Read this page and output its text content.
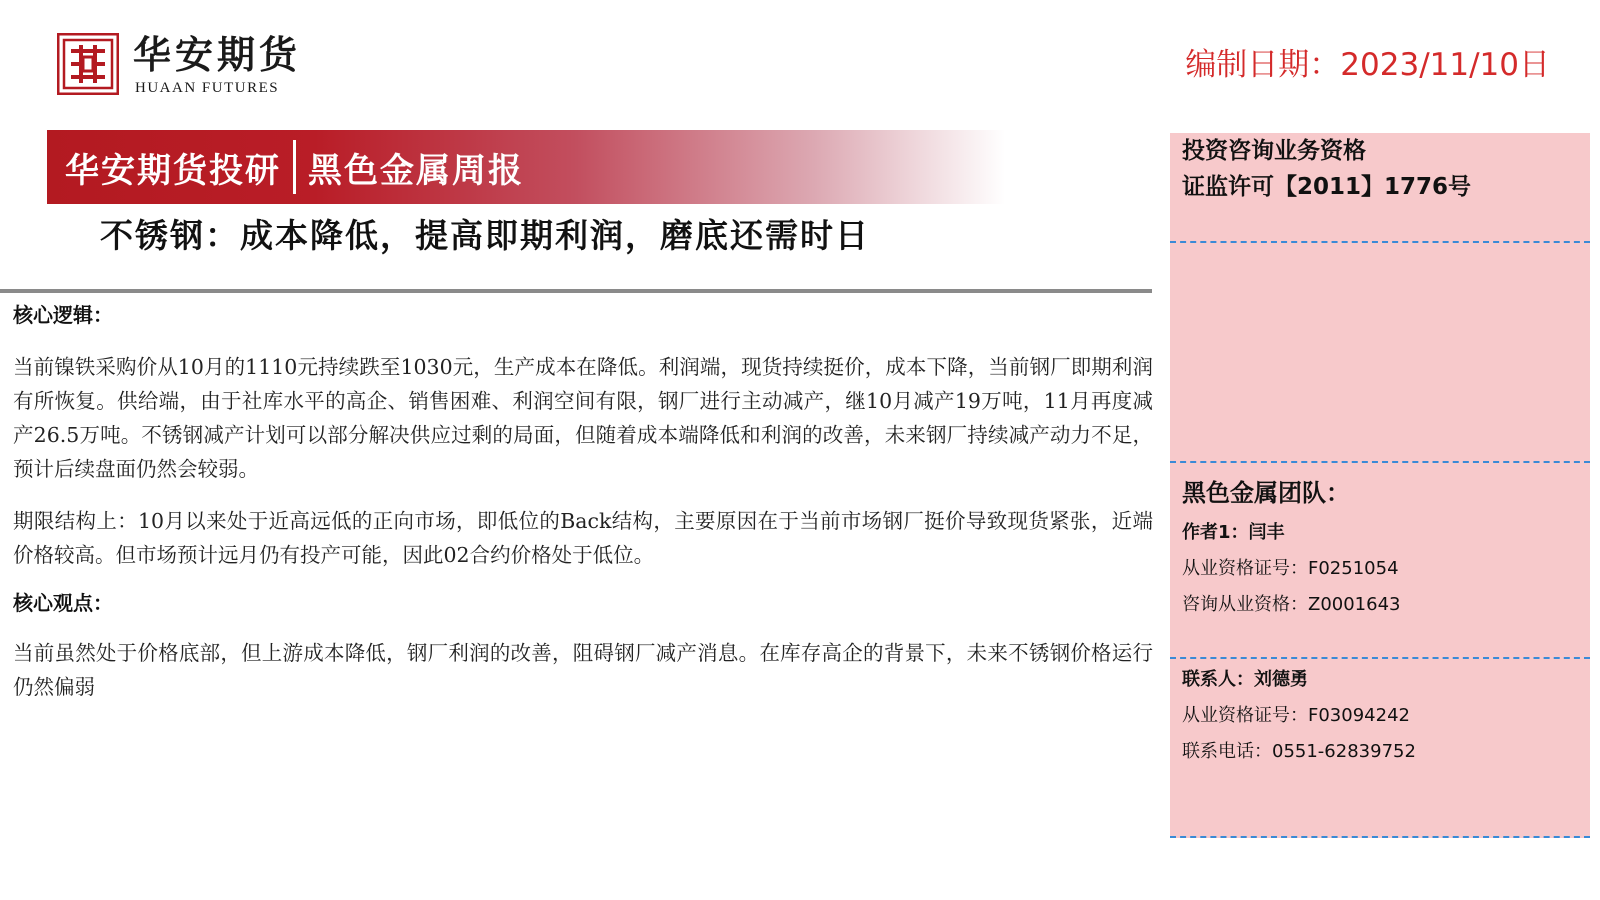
华安期货
HUAAN FUTURES
编制日期：2023/11/10日
华安期货投研 黑色金属周报
不锈钢：成本降低，提高即期利润，磨底还需时日
核心逻辑：
当前镍铁采购价从10月的1110元持续跌至1030元，生产成本在降低。利润端，现货持续挺价，成本下降，当前钢厂即期利润有所恢复。供给端，由于社库水平的高企、销售困难、利润空间有限，钢厂进行主动减产，继10月减产19万吨，11月再度减产26.5万吨。不锈钢减产计划可以部分解决供应过剩的局面，但随着成本端降低和利润的改善，未来钢厂持续减产动力不足，预计后续盘面仍然会较弱。
期限结构上：10月以来处于近高远低的正向市场，即低位的Back结构，主要原因在于当前市场钢厂挺价导致现货紧张，近端价格较高。但市场预计远月仍有投产可能，因此02合约价格处于低位。
核心观点：
当前虽然处于价格底部，但上游成本降低，钢厂利润的改善，阻碍钢厂减产消息。在库存高企的背景下，未来不锈钢价格运行仍然偏弱
投资咨询业务资格
证监许可【2011】1776号
黑色金属团队：
作者1：闫丰
从业资格证号：F0251054
咨询从业资格：Z0001643
联系人：刘德勇
从业资格证号：F03094242
联系电话：0551-62839752
